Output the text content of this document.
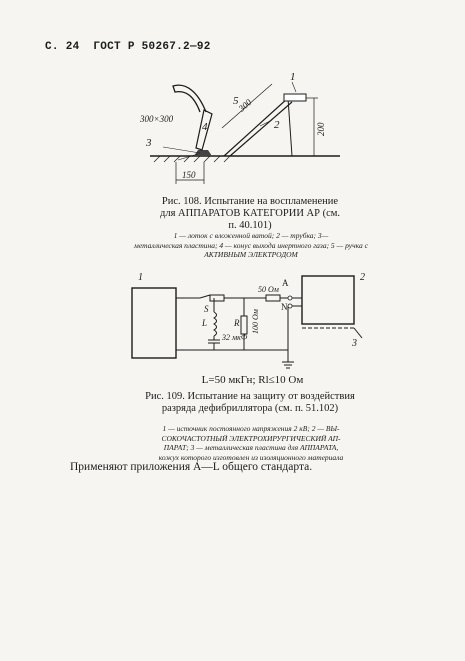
С. 24 ГОСТ Р 50267.2—92
1
5
4	2
3
300×300
300
200
150
Рис. 108. Испытание на воспламенение
для АППАРАТОВ КАТЕГОРИИ АР (см.
п. 40.101)
1 — лоток с вложенной ватой; 2 — трубка; 3—
металлическая пластина; 4 — конус выхода инертного газа; 5 — ручка с АКТИВНЫМ ЭЛЕКТРОДОМ
1	2
3
S
L	R 100 Ом
50 Ом
32 мкФ
A
N
L=50 мкГн; Rl≤10 Ом
Рис. 109. Испытание на защиту от воздействия
разряда дефибриллятора (см. п. 51.102)
1 — источник постоянного напряжения 2 кВ; 2 — ВЫ-
СОКОЧАСТОТНЫЙ ЭЛЕКТРОХИРУРГИЧЕСКИЙ АП-
ПАРАТ; 3 — металлическая пластина для АППАРАТА,
кожух которого изготовлен из изоляционного материала
Применяют приложения А—L общего стандарта.
